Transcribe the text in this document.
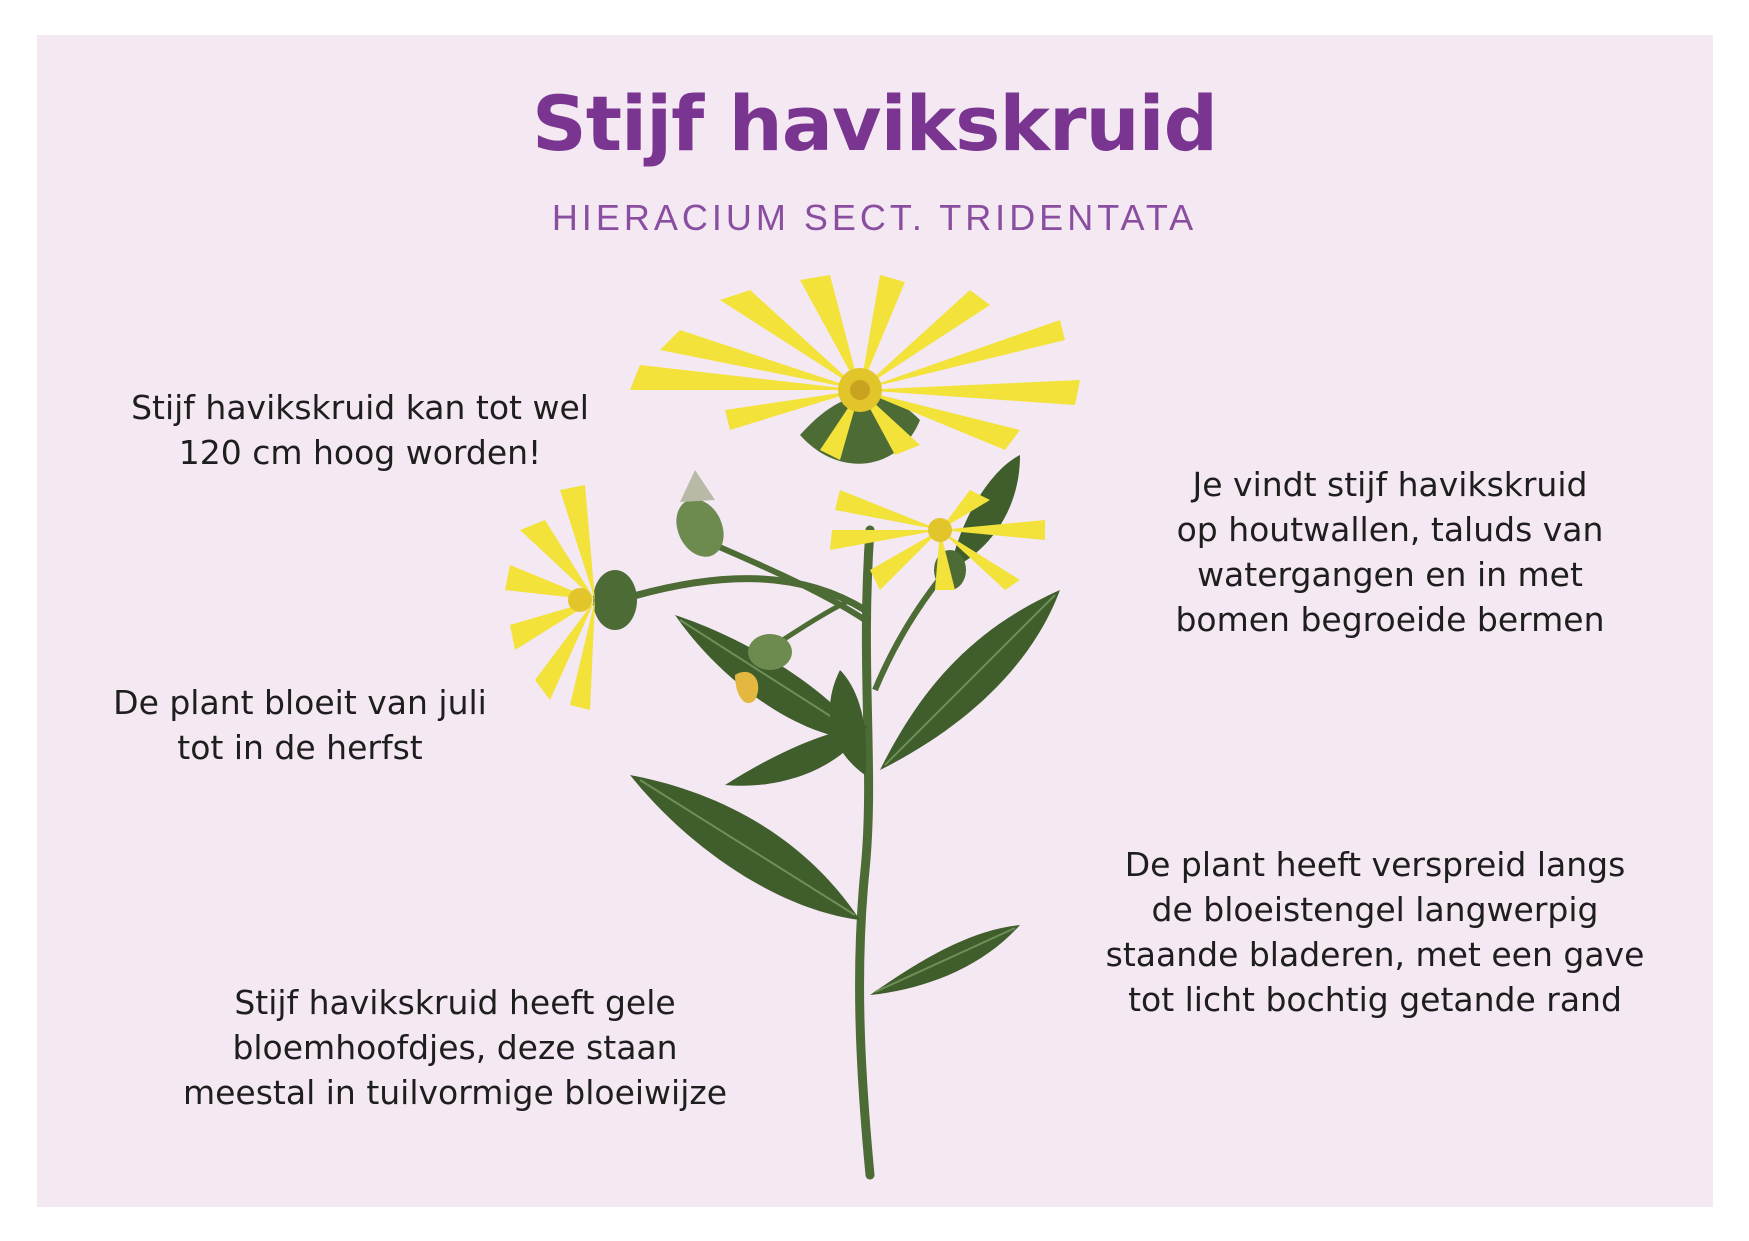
Stijf havikskruid
HIERACIUM SECT. TRIDENTATA
Stijf havikskruid kan tot wel
120 cm hoog worden!
De plant bloeit van juli
tot in de herfst
Stijf havikskruid heeft gele
bloemhoofdjes, deze staan
meestal in tuilvormige bloeiwijze
Je vindt stijf havikskruid
op houtwallen, taluds van
watergangen en in met
bomen begroeide bermen
De plant heeft verspreid langs
de bloeistengel langwerpig
staande bladeren, met een gave
tot licht bochtig getande rand
